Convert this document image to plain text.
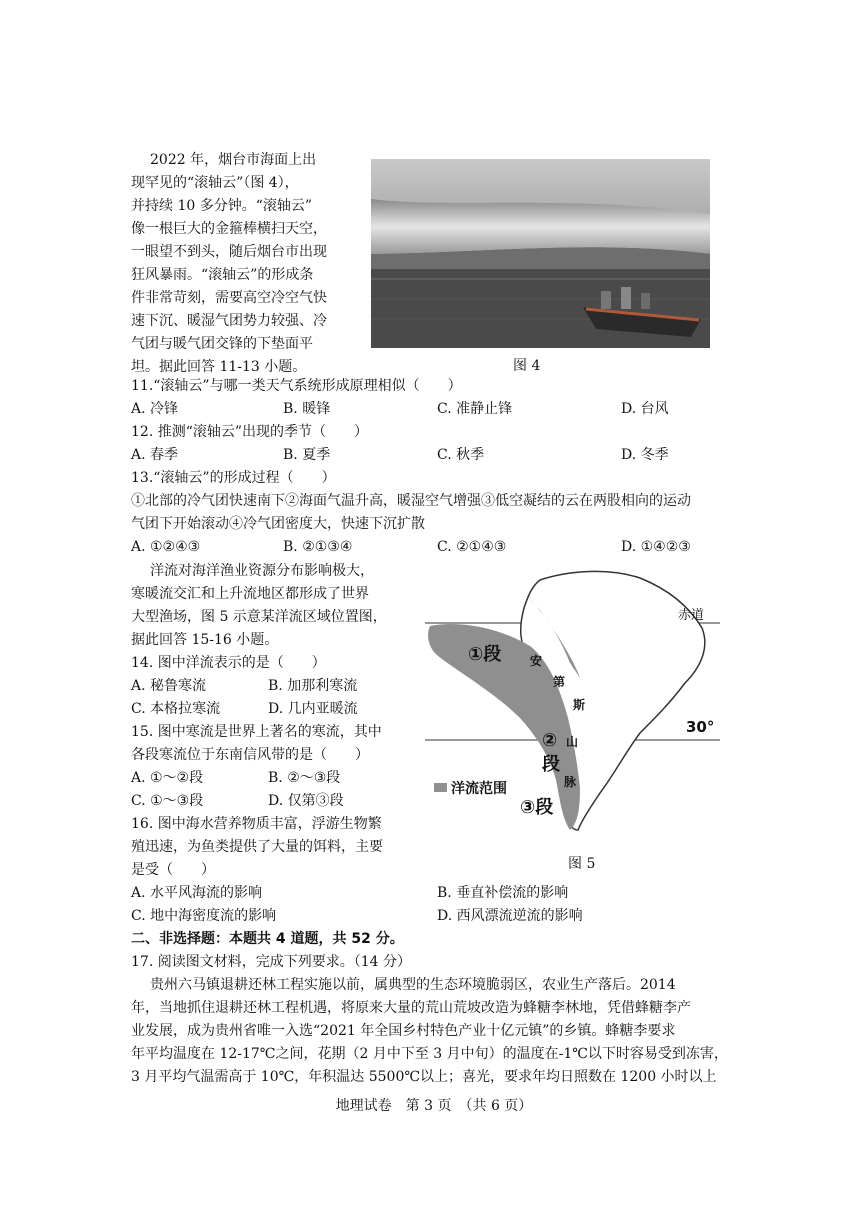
2022 年，烟台市海面上出
现罕见的“滚轴云”（图 4），
并持续 10 多分钟。“滚轴云”
像一根巨大的金箍棒横扫天空，
一眼望不到头，随后烟台市出现
狂风暴雨。“滚轴云”的形成条
件非常苛刻，需要高空冷空气快
速下沉、暖湿气团势力较强、冷
气团与暖气团交锋的下垫面平
坦。据此回答 11-13 小题。	图 4
11.“滚轴云”与哪一类天气系统形成原理相似（　　）
A. 冷锋	B. 暖锋	C. 准静止锋	D. 台风
12. 推测“滚轴云”出现的季节（　　）
A. 春季	B. 夏季	C. 秋季	D. 冬季
13.“滚轴云”的形成过程（　　）
①北部的冷气团快速南下②海面气温升高，暖湿空气增强③低空凝结的云在两股相向的运动
气团下开始滚动④冷气团密度大，快速下沉扩散
A. ①②④③	B. ②①③④	C. ②①④③	D. ①④②③
洋流对海洋渔业资源分布影响极大，
寒暖流交汇和上升流地区都形成了世界
大型渔场，图 5 示意某洋流区域位置图，
据此回答 15-16 小题。
赤道
30°
①段
②
段
③段
安
第
斯
山
脉
洋流范围
图 5
14. 图中洋流表示的是（　　）
A. 秘鲁寒流	B. 加那利寒流
C. 本格拉寒流	D. 几内亚暖流
15. 图中寒流是世界上著名的寒流，其中
各段寒流位于东南信风带的是（　　）
A. ①～②段	B. ②～③段
C. ①～③段	D. 仅第③段
16. 图中海水营养物质丰富，浮游生物繁
殖迅速，为鱼类提供了大量的饵料，主要
是受（　　）
A. 水平风海流的影响	B. 垂直补偿流的影响
C. 地中海密度流的影响	D. 西风漂流逆流的影响
二、非选择题：本题共 4 道题，共 52 分。
17. 阅读图文材料，完成下列要求。（14 分）
贵州六马镇退耕还林工程实施以前，属典型的生态环境脆弱区，农业生产落后。2014
年，当地抓住退耕还林工程机遇，将原来大量的荒山荒坡改造为蜂糖李林地，凭借蜂糖李产
业发展，成为贵州省唯一入选“2021 年全国乡村特色产业十亿元镇”的乡镇。蜂糖李要求
年平均温度在 12-17℃之间，花期（2 月中下至 3 月中旬）的温度在-1℃以下时容易受到冻害，
3 月平均气温需高于 10℃，年积温达 5500℃以上；喜光，要求年均日照数在 1200 小时以上
地理试卷　第 3 页　（共 6 页）
